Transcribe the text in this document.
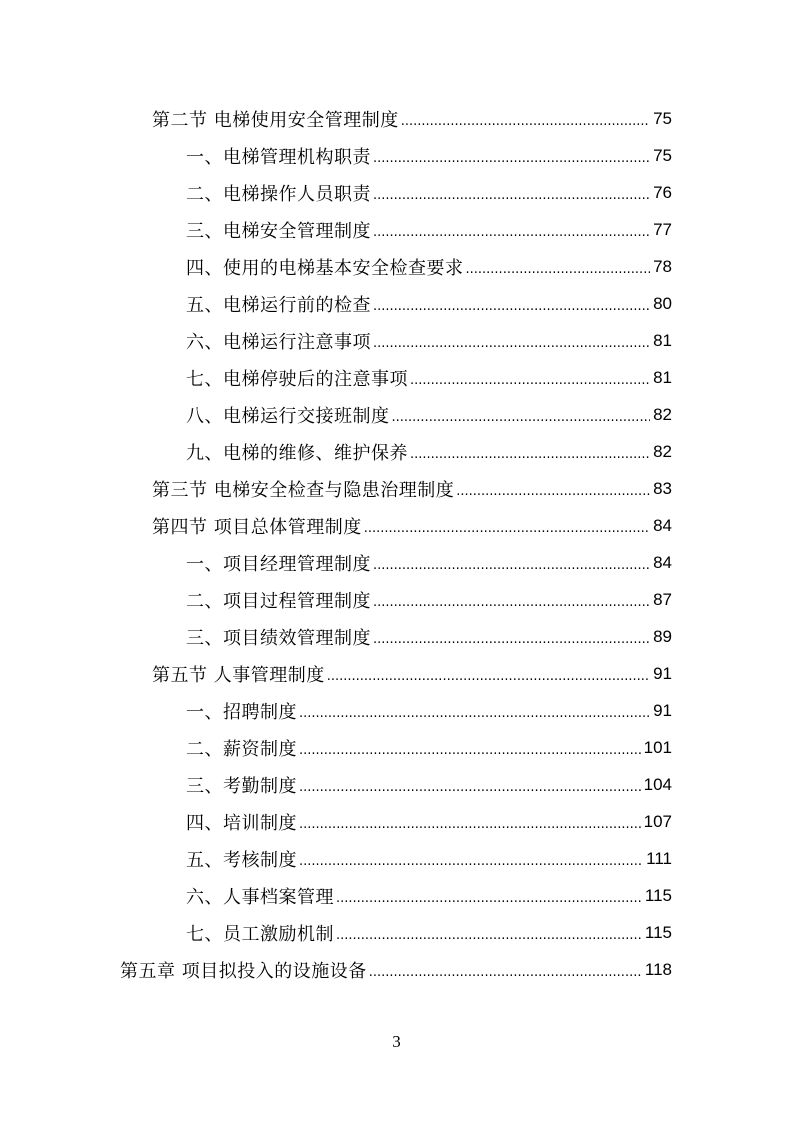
第二节 电梯使用安全管理制度 .....	75
一、电梯管理机构职责 .....	75
二、电梯操作人员职责 .....	76
三、电梯安全管理制度 .....	77
四、使用的电梯基本安全检查要求 .....	78
五、电梯运行前的检查 .....	80
六、电梯运行注意事项 .....	81
七、电梯停驶后的注意事项 .....	81
八、电梯运行交接班制度 .....	82
九、电梯的维修、维护保养 .....	82
第三节 电梯安全检查与隐患治理制度 .....	83
第四节 项目总体管理制度 .....	84
一、项目经理管理制度 .....	84
二、项目过程管理制度 .....	87
三、项目绩效管理制度 .....	89
第五节 人事管理制度 .....	91
一、招聘制度 .....	91
二、薪资制度 .....	101
三、考勤制度 .....	104
四、培训制度 .....	107
五、考核制度 .....	111
六、人事档案管理 .....	115
七、员工激励机制 .....	115
第五章 项目拟投入的设施设备 .....	118
3
